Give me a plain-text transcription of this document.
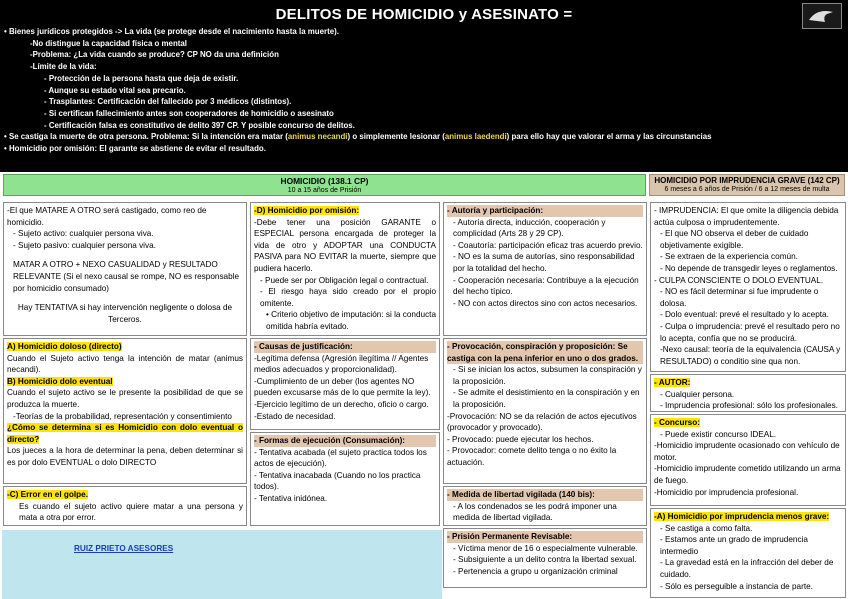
DELITOS DE HOMICIDIO y ASESINATO =
• Bienes jurídicos protegidos -> La vida (se protege desde el nacimiento hasta la muerte).
-No distingue la capacidad física o mental
-Problema: ¿La vida cuando se produce? CP NO da una definición
-Límite de la vida:
- Protección de la persona hasta que deja de existir.
- Aunque su estado vital sea precario.
- Trasplantes: Certificación del fallecido por 3 médicos (distintos).
- Si certifican fallecimiento antes son cooperadores de homicidio o asesinato
- Certificación falsa es constitutivo de delito 397 CP. Y posible concurso de delitos.
• Se castiga la muerte de otra persona. Problema: Si la intención era matar (animus necandi) o simplemente lesionar (animus laedendi) para ello hay que valorar el arma y las circunstancias
• Homicidio por omisión: El garante se abstiene de evitar el resultado.
HOMICIDIO (138.1 CP)
10 a 15 años de Prisión
HOMICIDIO POR IMPRUDENCIA GRAVE (142 CP)
6 meses a 6 años de Prisión / 6 a 12 meses de multa
-El que MATARE A OTRO será castigado, como reo de homicidio.
- Sujeto activo: cualquier persona viva.
- Sujeto pasivo: cualquier persona viva.
MATAR A OTRO + NEXO CASUALIDAD y RESULTADO RELEVANTE (Si el nexo causal se rompe, NO es responsable por homicidio consumado)
Hay TENTATIVA si hay intervención negligente o dolosa de Terceros.
A) Homicidio doloso (directo)
Cuando el Sujeto activo tenga la intención de matar (animus necandi).
B) Homicidio dolo eventual
Cuando el sujeto activo se le presente la posibilidad de que se produzca la muerte.
-Teorías de la probabilidad, representación y consentimiento
¿Cómo se determina si es Homicidio con dolo eventual o directo?
Los jueces a la hora de determinar la pena, deben determinar si es por dolo EVENTUAL o dolo DIRECTO
-C) Error en el golpe.
Es cuando el sujeto activo quiere matar a una persona y mata a otra por error.
RUIZ PRIETO ASESORES
-D) Homicidio por omisión:
-Debe tener una posición GARANTE o ESPECIAL persona encargada de proteger la vida de otro y ADOPTAR una CONDUCTA PASIVA para NO EVITAR la muerte, siempre que pudiera hacerlo.
- Puede ser por Obligación legal o contractual.
- El riesgo haya sido creado por el propio omitente.
• Criterio objetivo de imputación: si la conducta omitida habría evitado.
- Causas de justificación:
-Legítima defensa (Agresión ilegítima // Agentes medios adecuados y proporcionalidad).
-Cumplimiento de un deber (los agentes NO pueden excusarse más de lo que permite la ley).
-Ejercicio legítimo de un derecho, oficio o cargo.
-Estado de necesidad.
- Formas de ejecución (Consumación):
- Tentativa acabada (el sujeto practica todos los actos de ejecución).
- Tentativa inacabada (Cuando no los practica todos).
- Tentativa inidónea.
- Autoría y participación:
- Autoría directa, inducción, cooperación y complicidad (Arts 28 y 29 CP).
- Coautoría: participación eficaz tras acuerdo previo.
- NO es la suma de autorías, sino responsabilidad por la totalidad del hecho.
- Cooperación necesaria: Contribuye a la ejecución del hecho típico.
- NO con actos directos sino con actos necesarios.
- Provocación, conspiración y proposición: Se castiga con la pena inferior en uno o dos grados.
- Si se inician los actos, subsumen la conspiración y la proposición.
- Se admite el desistimiento en la conspiración y en la proposición.
-Provocación: NO se da relación de actos ejecutivos (provocador y provocado).
- Provocado: puede ejecutar los hechos.
- Provocador: comete delito tenga o no éxito la actuación.
- Medida de libertad vigilada (140 bis):
- A los condenados se les podrá imponer una medida de libertad vigilada.
- Prisión Permanente Revisable:
- Víctima menor de 16 o especialmente vulnerable.
- Subsiguiente a un delito contra la libertad sexual.
- Pertenencia a grupo u organización criminal
- IMPRUDENCIA: El que omite la diligencia debida actúa culposa o imprudentemente.
- El que NO observa el deber de cuidado objetivamente exigible.
- Se extraen de la experiencia común.
- No depende de transgedir leyes o reglamentos.
- CULPA CONSCIENTE O DOLO EVENTUAL.
- NO es fácil determinar si fue imprudente o dolosa.
- Dolo eventual: prevé el resultado y lo acepta.
- Culpa o imprudencia: prevé el resultado pero no lo acepta, confía que no se producirá.
-Nexo causal: teoría de la equivalencia (CAUSA y RESULTADO) o conditio sine qua non.
- AUTOR:
- Cualquier persona.
- Imprudencia profesional: sólo los profesionales.
- Concurso:
- Puede existir concurso IDEAL.
-Homicidio imprudente ocasionado con vehículo de motor.
-Homicidio imprudente cometido utilizando un arma de fuego.
-Homicidio por imprudencia profesional.
-A) Homicidio por imprudencia menos grave:
- Se castiga a como falta.
- Estamos ante un grado de imprudencia intermedio
- La gravedad está en la infracción del deber de cuidado.
- Sólo es perseguible a instancia de parte.
